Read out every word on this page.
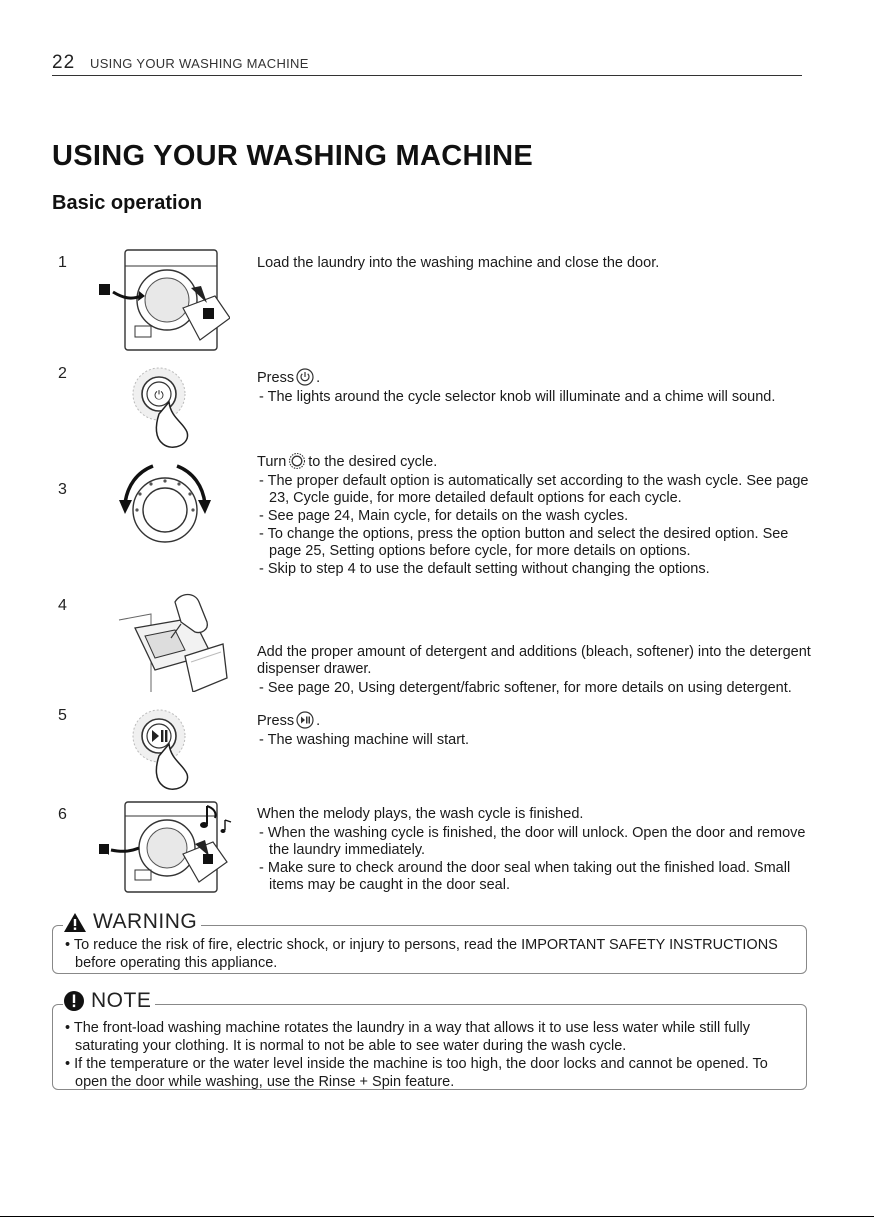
22 USING YOUR WASHING MACHINE
USING YOUR WASHING MACHINE
Basic operation
1	Load the laundry into the washing machine and close the door.
2
⏻
Press .
- The lights around the cycle selector knob will illuminate and a chime will sound.
3
Turn to the desired cycle.
- The proper default option is automatically set according to the wash cycle. See page 23, Cycle guide, for more detailed default options for each cycle.
- See page 24, Main cycle, for details on the wash cycles.
- To change the options, press the option button and select the desired option. See page 25, Setting options before cycle, for more details on options.
- Skip to step 4 to use the default setting without changing the options.
4
Add the proper amount of detergent and additions (bleach, softener) into the detergent dispenser drawer.
- See page 20, Using detergent/fabric softener, for more details on using detergent.
5	Press .
- The washing machine will start.
6	When the melody plays, the wash cycle is finished.
- When the washing cycle is finished, the door will unlock. Open the door and remove the laundry immediately.
- Make sure to check around the door seal when taking out the finished load. Small items may be caught in the door seal.
WARNING
• To reduce the risk of fire, electric shock, or injury to persons, read the IMPORTANT SAFETY INSTRUCTIONS before operating this appliance.
NOTE
• The front-load washing machine rotates the laundry in a way that allows it to use less water while still fully saturating your clothing. It is normal to not be able to see water during the wash cycle.
• If the temperature or the water level inside the machine is too high, the door locks and cannot be opened. To open the door while washing, use the Rinse + Spin feature.
